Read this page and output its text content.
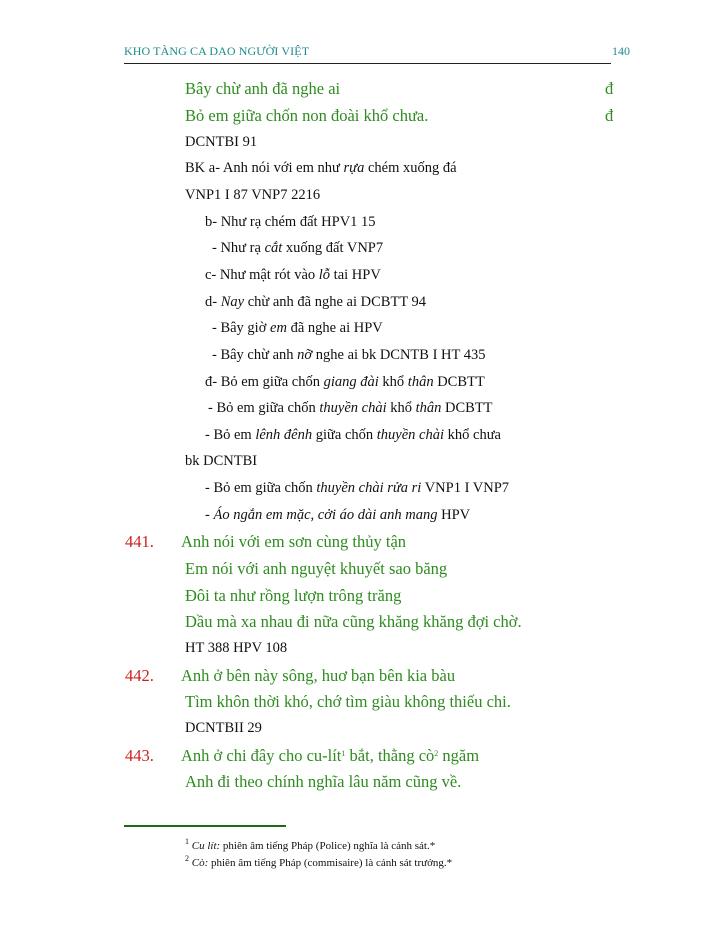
KHO TÀNG CA DAO NGƯỜI VIỆT	140
Bây chừ anh đã nghe ai	đ
Bỏ em giữa chốn non đoài khổ chưa.	đ
DCNTBI 91
BK a- Anh nói với em như rựa chém xuống đá
VNP1 I 87 VNP7 2216
b- Như rạ chém đất HPV1 15
- Như rạ cắt xuống đất VNP7
c- Như mật rót vào lỗ tai HPV
d- Nay chừ anh đã nghe ai DCBTT 94
- Bây giờ em đã nghe ai HPV
- Bây chừ anh nỡ nghe ai bk DCNTB I HT 435
đ- Bỏ em giữa chốn giang đài khổ thân DCBTT
- Bỏ em giữa chốn thuyền chài khổ thân DCBTT
- Bỏ em lênh đênh giữa chốn thuyền chài khổ chưa
bk DCNTBI
- Bỏ em giữa chốn thuyền chài rửa ri VNP1 I VNP7
- Áo ngắn em mặc, cởi áo dài anh mang HPV
441. Anh nói với em sơn cùng thủy tận
Em nói với anh nguyệt khuyết sao băng
Đôi ta như rồng lượn trông trăng
Dầu mà xa nhau đi nữa cũng khăng khăng đợi chờ.
HT 388 HPV 108
442. Anh ở bên này sông, huơ bạn bên kia bàu
Tìm khôn thời khó, chớ tìm giàu không thiếu chi.
DCNTBII 29
443. Anh ở chi đây cho cu-lít$^1$ bắt, thằng $cò^2$ ngăm
Anh đi theo chính nghĩa lâu năm cũng về.
$^1$ Cu lít: phiên âm tiếng Pháp (Police) nghĩa là cảnh sát.*
$^2$ Cò: phiên âm tiếng Pháp (commisaire) là cảnh sát trưởng.*
